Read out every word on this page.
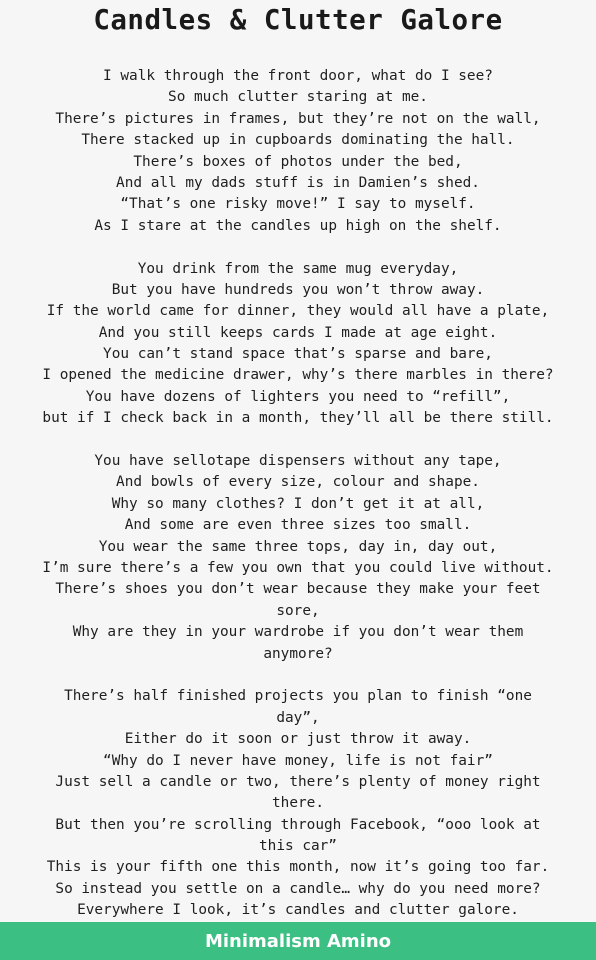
Candles & Clutter Galore
I walk through the front door, what do I see?
So much clutter staring at me.
There’s pictures in frames, but they’re not on the wall,
There stacked up in cupboards dominating the hall.
There’s boxes of photos under the bed,
And all my dads stuff is in Damien’s shed.
“That’s one risky move!” I say to myself.
As I stare at the candles up high on the shelf.
You drink from the same mug everyday,
But you have hundreds you won’t throw away.
If the world came for dinner, they would all have a plate,
And you still keeps cards I made at age eight.
You can’t stand space that’s sparse and bare,
I opened the medicine drawer, why’s there marbles in there?
You have dozens of lighters you need to “refill”,
but if I check back in a month, they’ll all be there still.
You have sellotape dispensers without any tape,
And bowls of every size, colour and shape.
Why so many clothes? I don’t get it at all,
And some are even three sizes too small.
You wear the same three tops, day in, day out,
I’m sure there’s a few you own that you could live without.
There’s shoes you don’t wear because they make your feet
sore,
Why are they in your wardrobe if you don’t wear them
anymore?
There’s half finished projects you plan to finish “one
day”,
Either do it soon or just throw it away.
“Why do I never have money, life is not fair”
Just sell a candle or two, there’s plenty of money right
there.
But then you’re scrolling through Facebook, “ooo look at
this car”
This is your fifth one this month, now it’s going too far.
So instead you settle on a candle… why do you need more?
Everywhere I look, it’s candles and clutter galore.
Minimalism Amino
